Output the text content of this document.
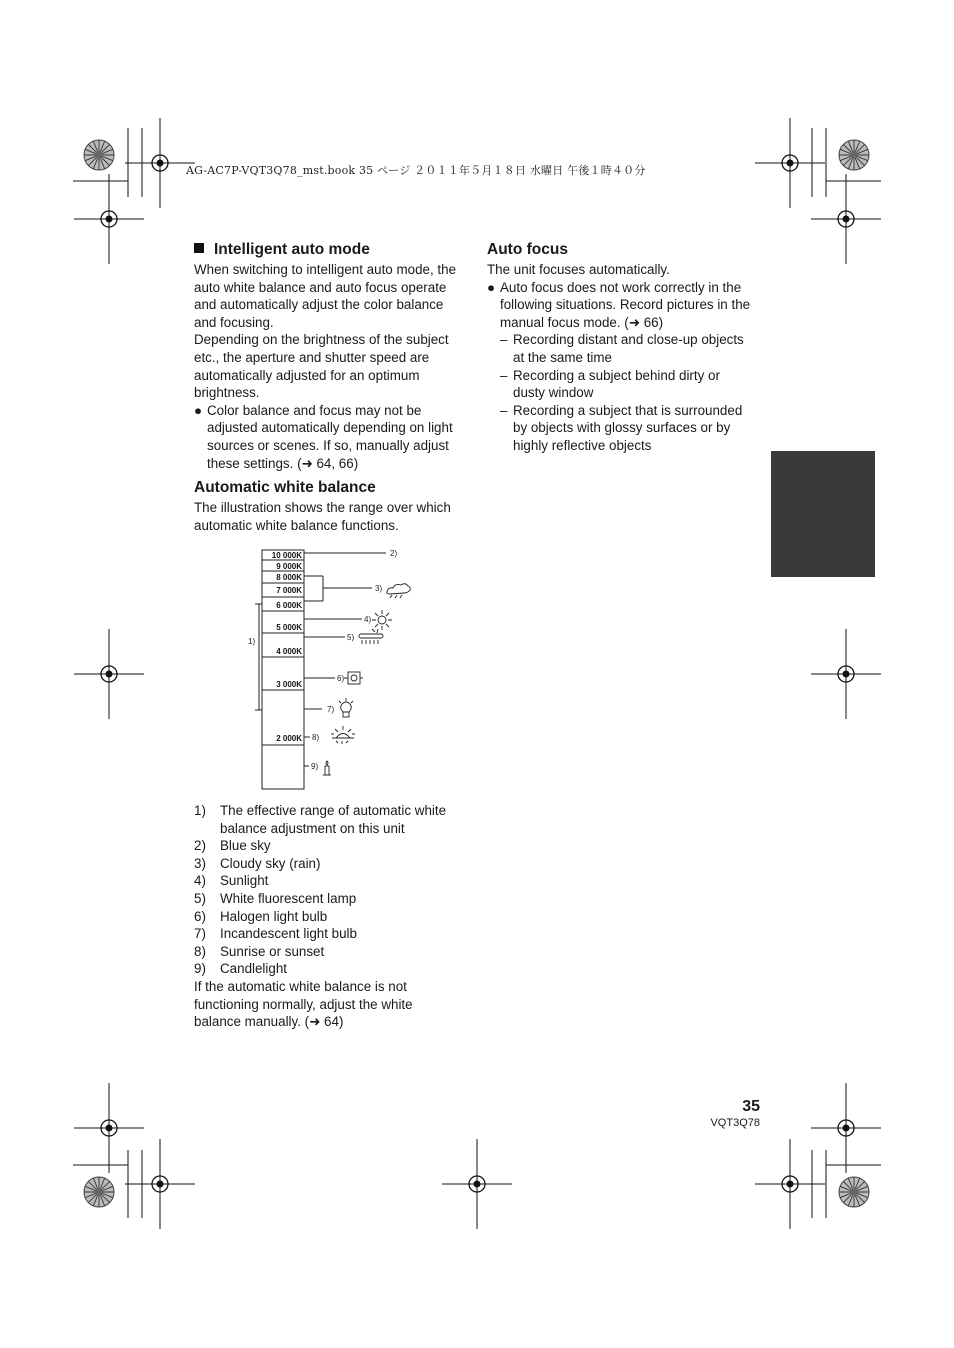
AG-AC7P-VQT3Q78_mst.book 35 ページ ２０１１年５月１８日 水曜日 午後１時４０分
Intelligent auto mode

When switching to intelligent auto mode, the
auto white balance and auto focus operate
and automatically adjust the color balance
and focusing.

Depending on the brightness of the subject
etc., the aperture and shutter speed are
automatically adjusted for an optimum
brightness.

● Color balance and focus may not be
adjusted automatically depending on light
sources or scenes. If so, manually adjust
these settings. (➜ 64, 66)
Automatic white balance

The illustration shows the range over which
automatic white balance functions.

10 000K
9 000K
8 000K
7 000K
6 000K
5 000K
4 000K
3 000K
2 000K
1)
2)
3)
4)
5)
6)
7)
8)
9)
1) The effective range of automatic white
balance adjustment on this unit
2) Blue sky
3) Cloudy sky (rain)
4) Sunlight
5) White fluorescent lamp
6) Halogen light bulb
7) Incandescent light bulb
8) Sunrise or sunset
9) Candlelight

If the automatic white balance is not
functioning normally, adjust the white
balance manually. (➜ 64)

Auto focus

The unit focuses automatically.

● Auto focus does not work correctly in the
following situations. Record pictures in the
manual focus mode. (➜ 66)
– Recording distant and close-up objects
at the same time
– Recording a subject behind dirty or
dusty window
– Recording a subject that is surrounded
by objects with glossy surfaces or by
highly reflective objects
35
VQT3Q78
